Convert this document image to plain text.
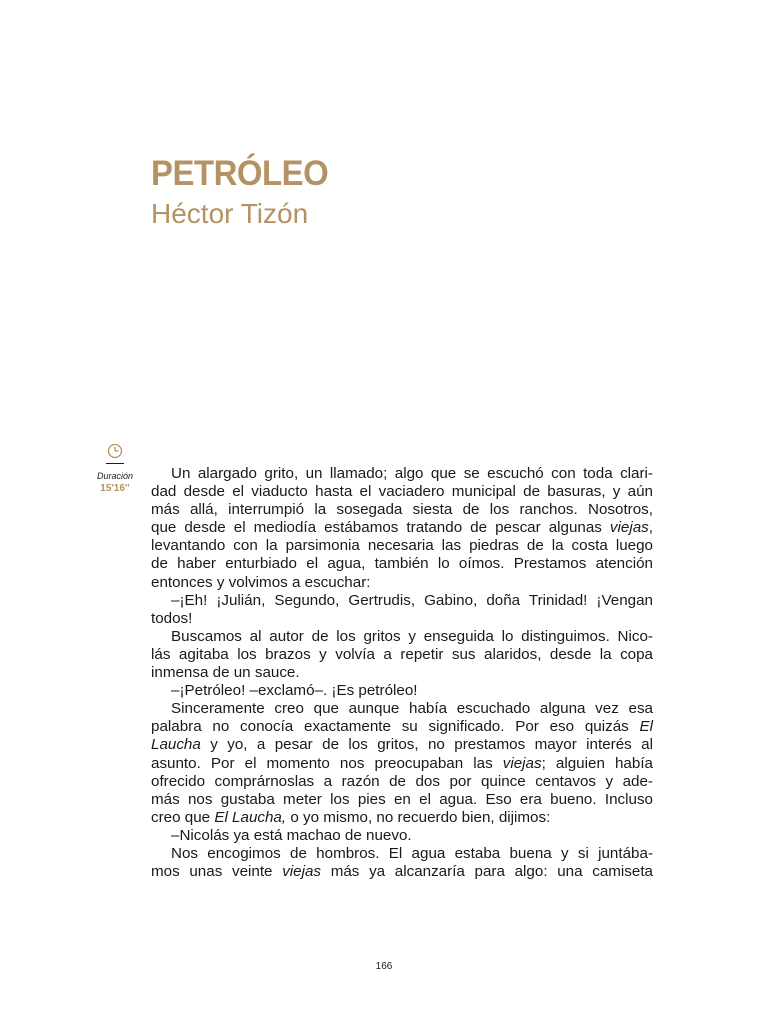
PETRÓLEO
Héctor Tizón
Duración
15'16''
Un alargado grito, un llamado; algo que se escuchó con toda clari-
dad desde el viaducto hasta el vaciadero municipal de basuras, y aún
más allá, interrumpió la sosegada siesta de los ranchos. Nosotros,
que desde el mediodía estábamos tratando de pescar algunas viejas,
levantando con la parsimonia necesaria las piedras de la costa luego
de haber enturbiado el agua, también lo oímos. Prestamos atención
entonces y volvimos a escuchar:
–¡Eh! ¡Julián, Segundo, Gertrudis, Gabino, doña Trinidad! ¡Vengan
todos!
Buscamos al autor de los gritos y enseguida lo distinguimos. Nico-
lás agitaba los brazos y volvía a repetir sus alaridos, desde la copa
inmensa de un sauce.
–¡Petróleo! –exclamó–. ¡Es petróleo!
Sinceramente creo que aunque había escuchado alguna vez esa
palabra no conocía exactamente su significado. Por eso quizás El
Laucha y yo, a pesar de los gritos, no prestamos mayor interés al
asunto. Por el momento nos preocupaban las viejas; alguien había
ofrecido comprárnoslas a razón de dos por quince centavos y ade-
más nos gustaba meter los pies en el agua. Eso era bueno. Incluso
creo que El Laucha, o yo mismo, no recuerdo bien, dijimos:
–Nicolás ya está machao de nuevo.
Nos encogimos de hombros. El agua estaba buena y si juntába-
mos unas veinte viejas más ya alcanzaría para algo: una camiseta
166
